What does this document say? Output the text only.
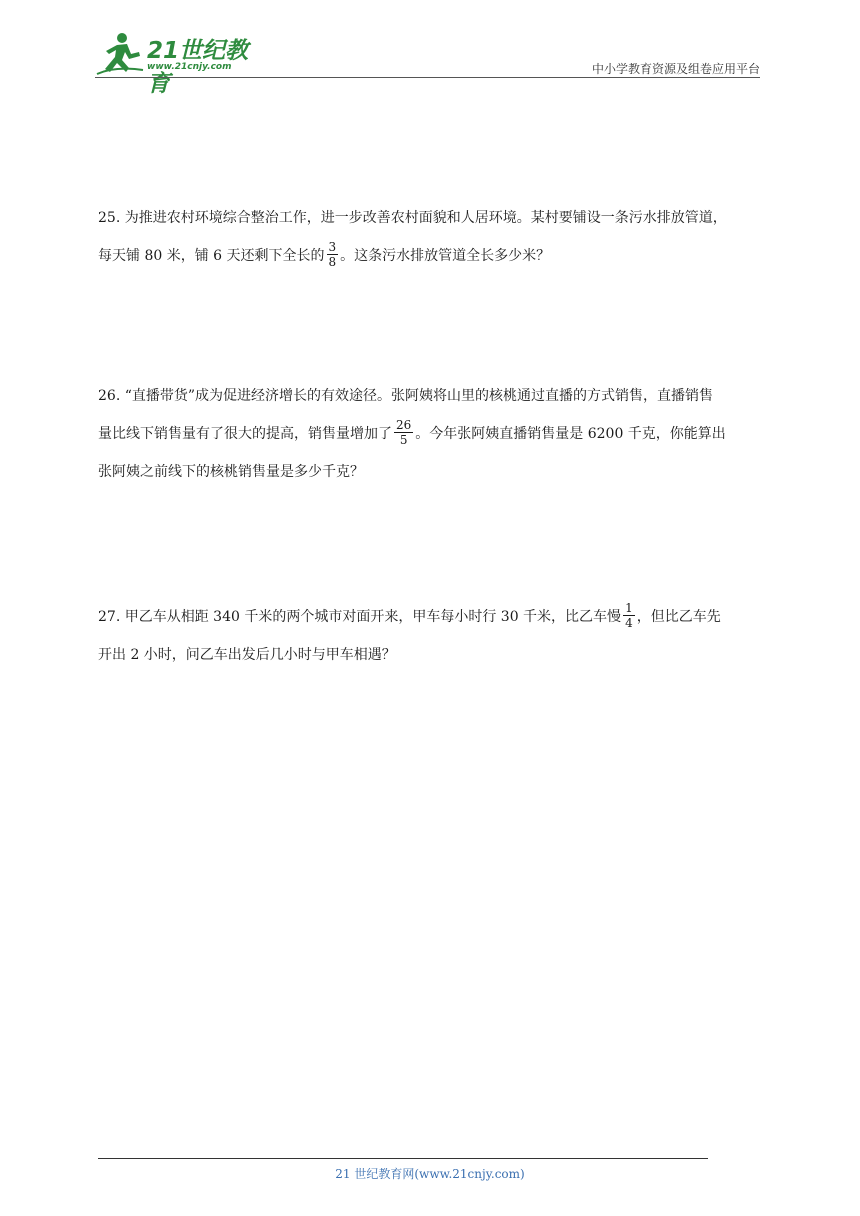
21世纪教育
www.21cnjy.com	中小学教育资源及组卷应用平台
25. 为推进农村环境综合整治工作，进一步改善农村面貌和人居环境。某村要铺设一条污水排放管道，
每天铺 80 米，铺 6 天还剩下全长的 $\frac{3}{8}$ 。这条污水排放管道全长多少米？
26. “直播带货”成为促进经济增长的有效途径。张阿姨将山里的核桃通过直播的方式销售，直播销售
量比线下销售量有了很大的提高，销售量增加了 $\frac{26}{5}$ 。今年张阿姨直播销售量是 6200 千克，你能算出
张阿姨之前线下的核桃销售量是多少千克？
27. 甲乙车从相距 340 千米的两个城市对面开来，甲车每小时行 30 千米，比乙车慢 $\frac{1}{4}$ ，但比乙车先
开出 2 小时，问乙车出发后几小时与甲车相遇？
21 世纪教育网(www.21cnjy.com)
